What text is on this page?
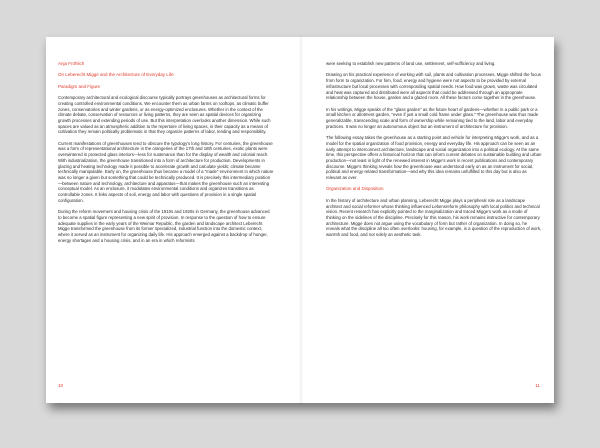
Anja Fröhlich
On Leberecht Migge and the Architecture of Everyday Life
Paradigm and Figure

Contemporary architectural and ecological discourse typically portrays greenhouses as architectural forms for creating controlled environmental conditions. We encounter them as urban farms on rooftops, as climatic buffer zones, conservatories and winter gardens, or as energy-optimized enclosures. Whether in the context of the climate debate, conservation of resources or living patterns, they are seen as spatial devices for organizing growth processes and extending periods of use. But this interpretation overlooks another dimension. While such spaces are valued as an atmospheric addition to the repertoire of living spaces, in their capacity as a means of cultivation they remain politically problematic in that they organize patterns of labor, tending and responsibility.

Current manifestations of greenhouses tend to obscure the typology's long history. For centuries, the greenhouse was a form of representational architecture in the orangeries of the 17th and 18th centuries, exotic plants were overwintered in protected glass interiors—less for sustenance than for the display of wealth and colonial reach. With industrialization, the greenhouse transitioned into a form of architecture for production. Developments in glazing and heating technology made it possible to accelerate growth and calculate yields; climate became technically manipulable. Early on, the greenhouse thus became a model of a "made" environment in which nature was no longer a given but something that could be technically produced. It is precisely this intermediary position—between nature and technology, architecture and apparatus—that makes the greenhouse such an interesting conceptual model. As an enclosure, it modulates environmental conditions and organizes transitions as controllable zones. It links aspects of soil, energy and labor with questions of provision in a single spatial configuration.

During the reform movement and housing crisis of the 1910s and 1920s in Germany, the greenhouse advanced to become a spatial figure representing a new spirit of provision. In response to the question of how to ensure adequate supplies in the early years of the Weimar Republic, the garden and landscape architect Leberecht Migge transformed the greenhouse from its former specialized, industrial function into the domestic context, where it served as an instrument for organizing daily life. His approach emerged against a backdrop of hunger, energy shortages and a housing crisis, and in an era in which reformists

10

were seeking to establish new patterns of land use, settlement, self-sufficiency and living.

Drawing on his practical experience of working with soil, plants and cultivation processes, Migge shifted the focus from form to organization. For him, food, energy and hygiene were not aspects to be provided by external infrastructure but local processes with corresponding spatial needs. How food was grown, waste was circulated and heat was captured and distributed were all aspects that could be addressed through an appropriate relationship between the house, garden and a glazed room. All these factors come together in the greenhouse.

In his writings, Migge speaks of the "glass garden" as the future heart of gardens—whether in a public park or a small kitchen or allotment garden, "even if just a small cold frame under glass." The greenhouse was thus made generalizable, transcending scale and form of ownership while remaining tied to the land, labor and everyday practices. It was no longer an autonomous object but an instrument of architecture for provision.

The following essay takes the greenhouse as a starting point and vehicle for interpreting Migge's work, and as a model for the spatial organization of food provision, energy and everyday life. His approach can be seen as an early attempt to interconnect architecture, landscape and social organization into a political ecology. At the same time, this perspective offers a historical horizon that can inform current debates on sustainable building and urban production—not least in light of the renewed interest in Migge's work in recent publications and contemporary discourse. Migge's thinking reveals how the greenhouse was understood early on as an instrument for social, political and energy-related transformation—and why this idea remains unfulfilled to this day but is also as relevant as ever.

Organization and Disposition

In the history of architecture and urban planning, Leberecht Migge plays a peripheral role as a landscape architect and social reformer whose thinking influenced Lebensreform philosophy with local politics and technical vision. Recent research has explicitly pointed to the marginalization and traced Migge's work as a mode of thinking on the sidelines of the discipline. Precisely for this reason, his work remains instructive for contemporary architecture. Migge does not argue using the vocabulary of form but rather of organization. In doing so, he reveals what the discipline all too often overlooks: housing, for example, is a question of the reproduction of work, warmth and food, and not solely an aesthetic task.

11
